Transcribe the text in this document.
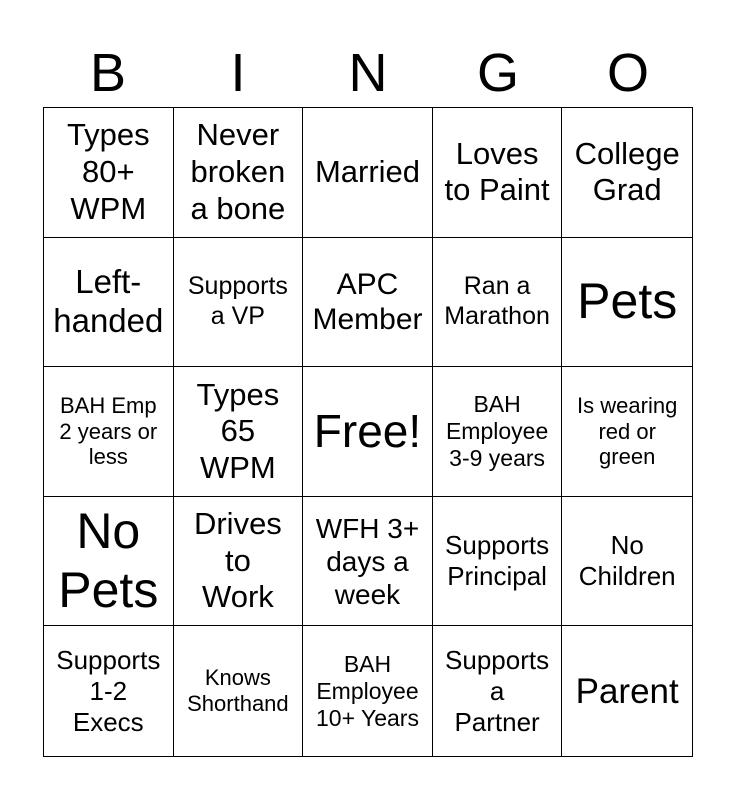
B	I	N	G	O
Types
80+
WPM
Never
broken
a bone
Married
Loves
to Paint
College
Grad
Left-
handed
Supports
a VP
APC
Member
Ran a
Marathon Pets
BAH Emp
2 years or
less
Types
65
WPM
Free!
BAH
Employee
3-9 years
Is wearing
red or
green
No
Pets
Drives
to
Work
WFH 3+
days a
week
Supports
Principal
No
Children
Supports
1-2
Execs
Knows
Shorthand
BAH
Employee
10+ Years
Supports
a
Partner
Parent
